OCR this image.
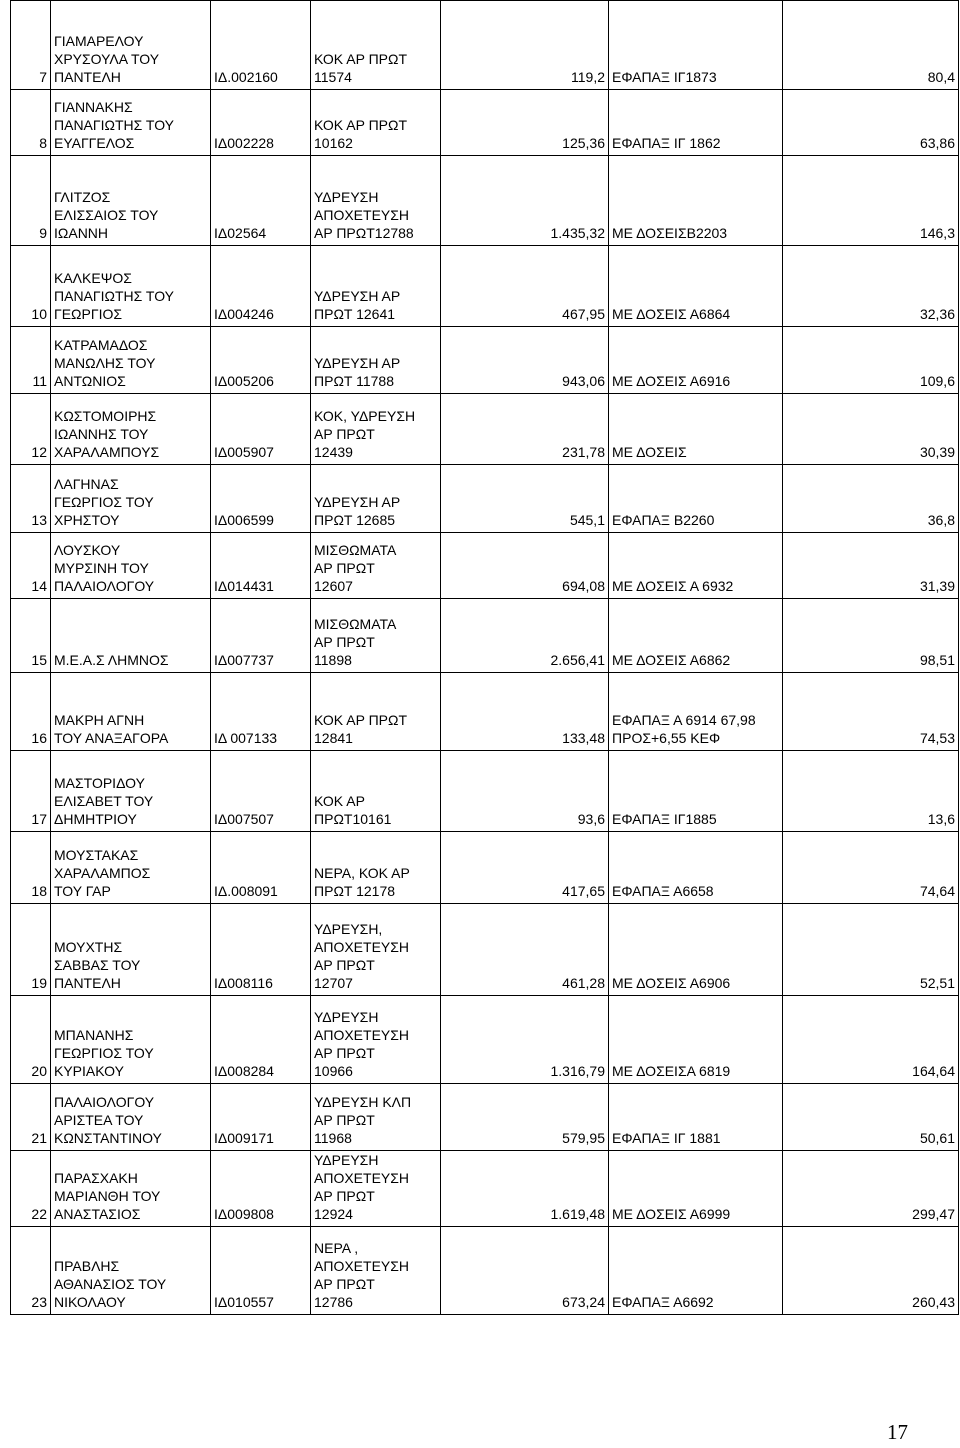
7	ΓΙΑΜΑΡΕΛΟΥ
ΧΡΥΣΟΥΛΑ ΤΟΥ
ΠΑΝΤΕΛΗ	ΙΔ.002160	ΚΟΚ ΑΡ ΠΡΩΤ
11574	119,2	ΕΦΑΠΑΞ ΙΓ1873	80,4
8	ΓΙΑΝΝΑΚΗΣ
ΠΑΝΑΓΙΩΤΗΣ ΤΟΥ
ΕΥΑΓΓΕΛΟΣ	ΙΔ002228	ΚΟΚ ΑΡ ΠΡΩΤ
10162	125,36	ΕΦΑΠΑΞ ΙΓ 1862	63,86
9	ΓΛΙΤΖΟΣ
ΕΛΙΣΣΑΙΟΣ ΤΟΥ
ΙΩΑΝΝΗ	ΙΔ02564	ΥΔΡΕΥΣΗ
ΑΠΟΧΕΤΕΥΣΗ
ΑΡ ΠΡΩΤ12788	1.435,32	ΜΕ ΔΟΣΕΙΣΒ2203	146,3
10	ΚΑΛΚΕΨΟΣ
ΠΑΝΑΓΙΩΤΗΣ ΤΟΥ
ΓΕΩΡΓΙΟΣ	ΙΔ004246	ΥΔΡΕΥΣΗ ΑΡ
ΠΡΩΤ 12641	467,95	ΜΕ ΔΟΣΕΙΣ Α6864	32,36
11	ΚΑΤΡΑΜΑΔΟΣ
ΜΑΝΩΛΗΣ ΤΟΥ
ΑΝΤΩΝΙΟΣ	ΙΔ005206	ΥΔΡΕΥΣΗ ΑΡ
ΠΡΩΤ 11788	943,06	ΜΕ ΔΟΣΕΙΣ Α6916	109,6
12	ΚΩΣΤΟΜΟΙΡΗΣ
ΙΩΑΝΝΗΣ ΤΟΥ
ΧΑΡΑΛΑΜΠΟΥΣ	ΙΔ005907	ΚΟΚ, ΥΔΡΕΥΣΗ
ΑΡ ΠΡΩΤ
12439	231,78	ΜΕ ΔΟΣΕΙΣ	30,39
13	ΛΑΓΗΝΑΣ
ΓΕΩΡΓΙΟΣ ΤΟΥ
ΧΡΗΣΤΟΥ	ΙΔ006599	ΥΔΡΕΥΣΗ ΑΡ
ΠΡΩΤ 12685	545,1	ΕΦΑΠΑΞ Β2260	36,8
14	ΛΟΥΣΚΟΥ
ΜΥΡΣΙΝΗ ΤΟΥ
ΠΑΛΑΙΟΛΟΓΟΥ	ΙΔ014431	ΜΙΣΘΩΜΑΤΑ
ΑΡ ΠΡΩΤ
12607	694,08	ΜΕ ΔΟΣΕΙΣ Α 6932	31,39
15	Μ.Ε.Α.Σ ΛΗΜΝΟΣ	ΙΔ007737	ΜΙΣΘΩΜΑΤΑ
ΑΡ ΠΡΩΤ
11898	2.656,41	ΜΕ ΔΟΣΕΙΣ Α6862	98,51
16	ΜΑΚΡΗ ΑΓΝΗ
ΤΟΥ ΑΝΑΞΑΓΟΡΑ	ΙΔ 007133	ΚΟΚ ΑΡ ΠΡΩΤ
12841	133,48	ΕΦΑΠΑΞ Α 6914 67,98
ΠΡΟΣ+6,55 ΚΕΦ	74,53
17	ΜΑΣΤΟΡΙΔΟΥ
ΕΛΙΣΑΒΕΤ ΤΟΥ
ΔΗΜΗΤΡΙΟΥ	ΙΔ007507	ΚΟΚ ΑΡ
ΠΡΩΤ10161	93,6	ΕΦΑΠΑΞ ΙΓ1885	13,6
18	ΜΟΥΣΤΑΚΑΣ
ΧΑΡΑΛΑΜΠΟΣ
ΤΟΥ ΓΑΡ	ΙΔ.008091	ΝΕΡΑ, ΚΟΚ ΑΡ
ΠΡΩΤ 12178	417,65	ΕΦΑΠΑΞ Α6658	74,64
19	ΜΟΥΧΤΗΣ
ΣΑΒΒΑΣ ΤΟΥ
ΠΑΝΤΕΛΗ	ΙΔ008116	ΥΔΡΕΥΣΗ,
ΑΠΟΧΕΤΕΥΣΗ
ΑΡ ΠΡΩΤ
12707	461,28	ΜΕ ΔΟΣΕΙΣ Α6906	52,51
20	ΜΠΑΝΑΝΗΣ
ΓΕΩΡΓΙΟΣ ΤΟΥ
ΚΥΡΙΑΚΟΥ	ΙΔ008284	ΥΔΡΕΥΣΗ
ΑΠΟΧΕΤΕΥΣΗ
ΑΡ ΠΡΩΤ
10966	1.316,79	ΜΕ ΔΟΣΕΙΣΑ 6819	164,64
21	ΠΑΛΑΙΟΛΟΓΟΥ
ΑΡΙΣΤΕΑ ΤΟΥ
ΚΩΝΣΤΑΝΤΙΝΟΥ	ΙΔ009171	ΥΔΡΕΥΣΗ ΚΛΠ
ΑΡ ΠΡΩΤ
11968	579,95	ΕΦΑΠΑΞ ΙΓ 1881	50,61
22	ΠΑΡΑΣΧΑΚΗ
ΜΑΡΙΑΝΘΗ ΤΟΥ
ΑΝΑΣΤΑΣΙΟΣ	ΙΔ009808	ΥΔΡΕΥΣΗ
ΑΠΟΧΕΤΕΥΣΗ
ΑΡ ΠΡΩΤ
12924	1.619,48	ΜΕ ΔΟΣΕΙΣ Α6999	299,47
23	ΠΡΑΒΛΗΣ
ΑΘΑΝΑΣΙΟΣ ΤΟΥ
ΝΙΚΟΛΑΟΥ	ΙΔ010557	ΝΕΡΑ ,
ΑΠΟΧΕΤΕΥΣΗ
ΑΡ ΠΡΩΤ
12786	673,24	ΕΦΑΠΑΞ Α6692	260,43
17
